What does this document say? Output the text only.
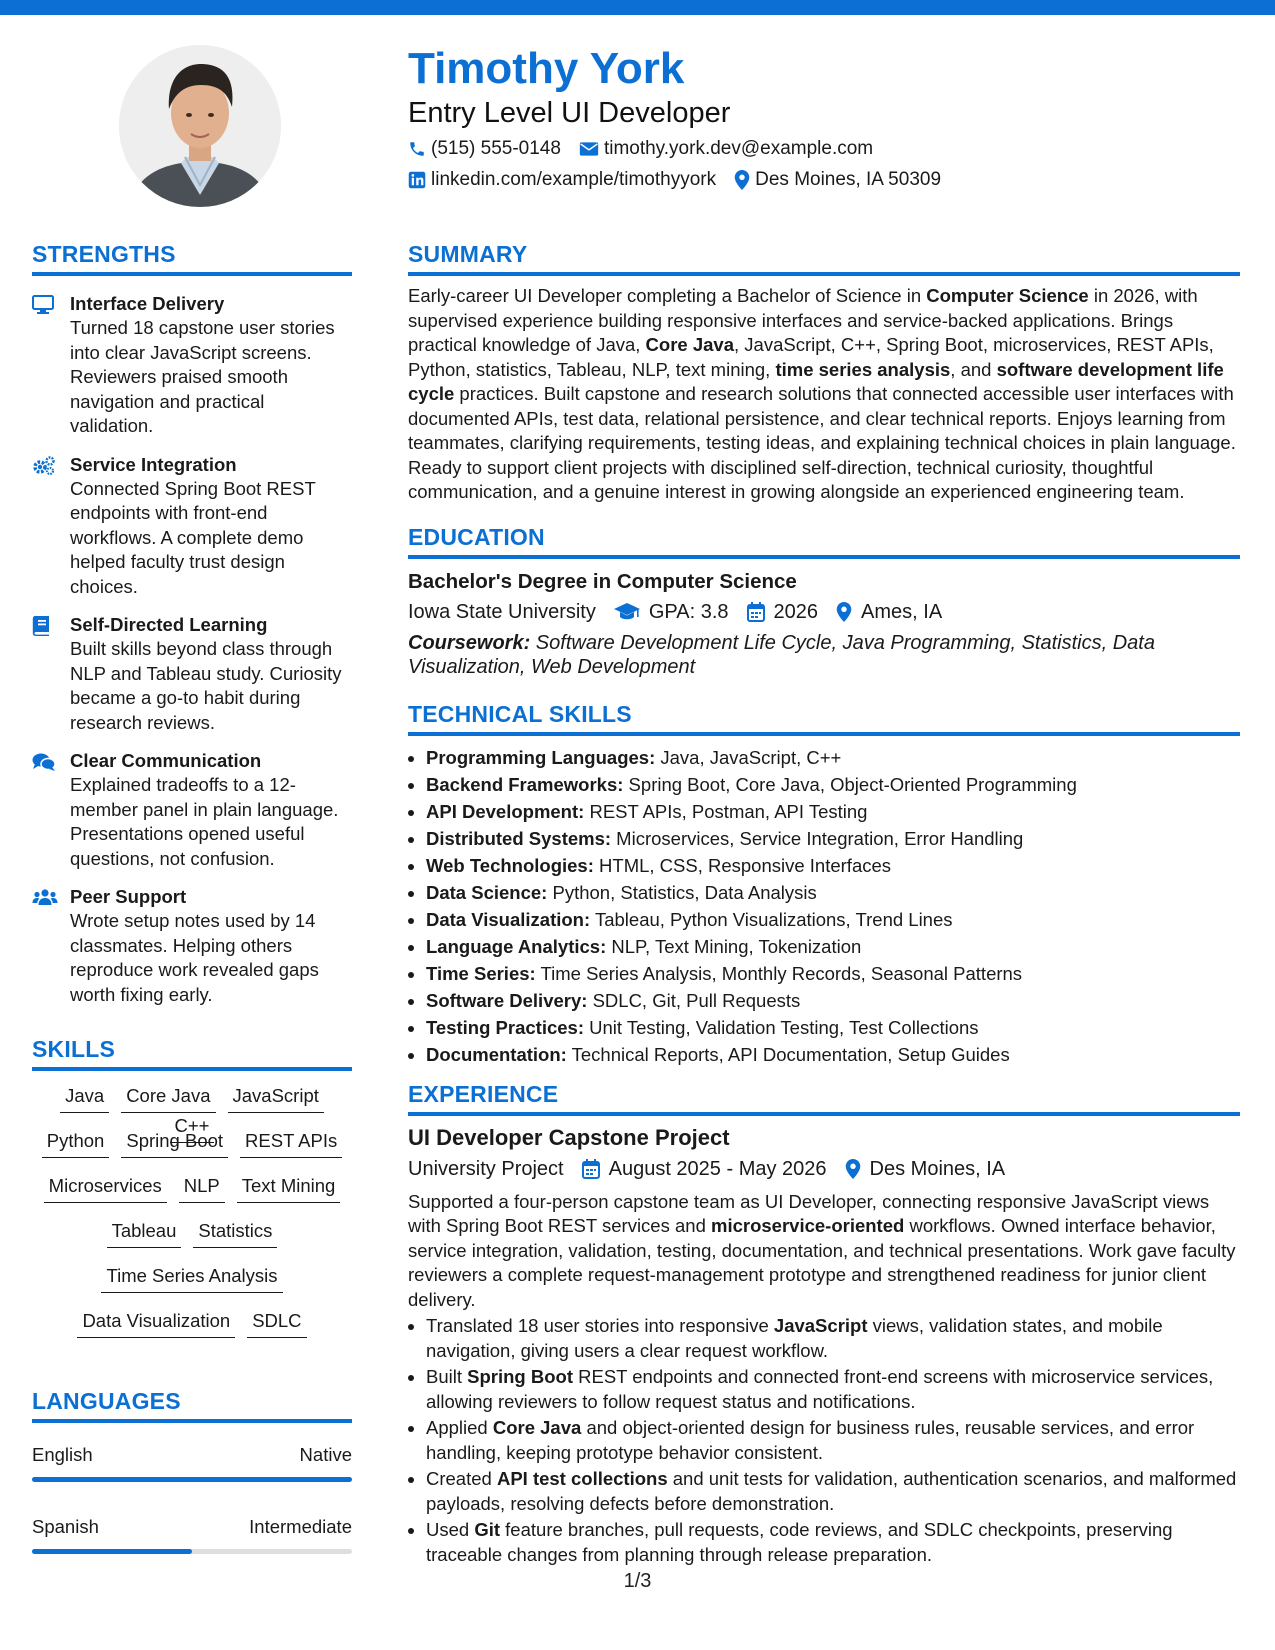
Timothy York
Entry Level UI Developer
(515) 555-0148 timothy.york.dev@example.com
linkedin.com/example/timothyyork Des Moines, IA 50309
STRENGTHS
Interface Delivery
Turned 18 capstone user stories into clear JavaScript screens. Reviewers praised smooth navigation and practical validation.
Service Integration
Connected Spring Boot REST endpoints with front-end workflows. A complete demo helped faculty trust design choices.
Self-Directed Learning
Built skills beyond class through NLP and Tableau study. Curiosity became a go-to habit during research reviews.
Clear Communication
Explained tradeoffs to a 12-member panel in plain language. Presentations opened useful questions, not confusion.
Peer Support
Wrote setup notes used by 14 classmates. Helping others reproduce work revealed gaps worth fixing early.
SKILLS
Java Core Java JavaScript
C++
Python Spring Boot REST APIs
Microservices NLP Text Mining
Tableau Statistics
Time Series Analysis
Data Visualization SDLC
LANGUAGES
English	Native
Spanish	Intermediate
SUMMARY
Early-career UI Developer completing a Bachelor of Science in Computer Science in 2026, with supervised experience building responsive interfaces and service-backed applications. Brings practical knowledge of Java, Core Java, JavaScript, C++, Spring Boot, microservices, REST APIs, Python, statistics, Tableau, NLP, text mining, time series analysis, and software development life cycle practices. Built capstone and research solutions that connected accessible user interfaces with documented APIs, test data, relational persistence, and clear technical reports. Enjoys learning from teammates, clarifying requirements, testing ideas, and explaining technical choices in plain language. Ready to support client projects with disciplined self-direction, technical curiosity, thoughtful communication, and a genuine interest in growing alongside an experienced engineering team.
EDUCATION
Bachelor's Degree in Computer Science
Iowa State University	GPA: 3.8 2026 Ames, IA
Coursework: Software Development Life Cycle, Java Programming, Statistics, Data Visualization, Web Development
TECHNICAL SKILLS
• Programming Languages: Java, JavaScript, C++
• Backend Frameworks: Spring Boot, Core Java, Object-Oriented Programming
• API Development: REST APIs, Postman, API Testing
• Distributed Systems: Microservices, Service Integration, Error Handling
• Web Technologies: HTML, CSS, Responsive Interfaces
• Data Science: Python, Statistics, Data Analysis
• Data Visualization: Tableau, Python Visualizations, Trend Lines
• Language Analytics: NLP, Text Mining, Tokenization
• Time Series: Time Series Analysis, Monthly Records, Seasonal Patterns
• Software Delivery: SDLC, Git, Pull Requests
• Testing Practices: Unit Testing, Validation Testing, Test Collections
• Documentation: Technical Reports, API Documentation, Setup Guides
EXPERIENCE
UI Developer Capstone Project
University Project August 2025 - May 2026 Des Moines, IA
Supported a four-person capstone team as UI Developer, connecting responsive JavaScript views with Spring Boot REST services and microservice-oriented workflows. Owned interface behavior, service integration, validation, testing, documentation, and technical presentations. Work gave faculty reviewers a complete request-management prototype and strengthened readiness for junior client delivery.
• Translated 18 user stories into responsive JavaScript views, validation states, and mobile navigation, giving users a clear request workflow.
• Built Spring Boot REST endpoints and connected front-end screens with microservice services, allowing reviewers to follow request status and notifications.
• Applied Core Java and object-oriented design for business rules, reusable services, and error handling, keeping prototype behavior consistent.
• Created API test collections and unit tests for validation, authentication scenarios, and malformed payloads, resolving defects before demonstration.
• Used Git feature branches, pull requests, code reviews, and SDLC checkpoints, preserving traceable changes from planning through release preparation.
1/3
